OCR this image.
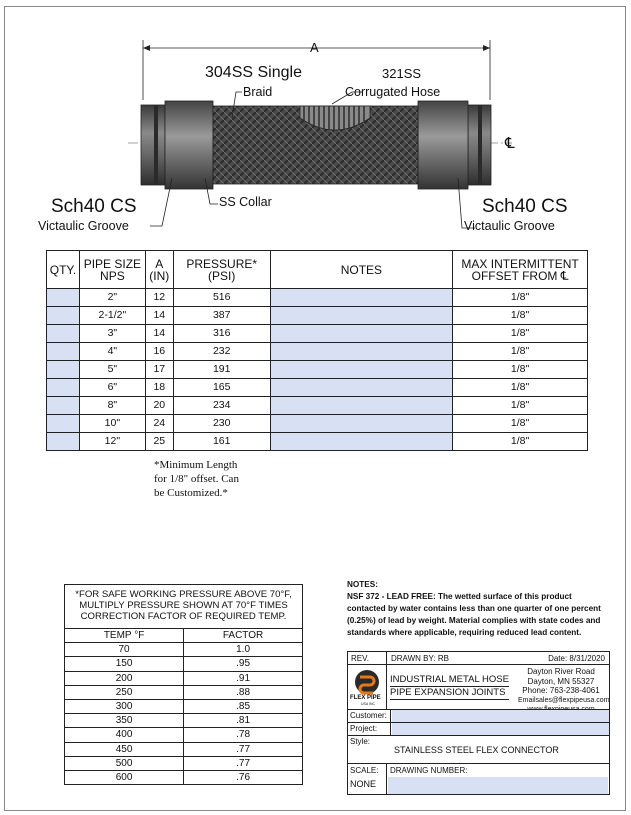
A
304SS Single
Braid
321SS
Corrugated Hose
℄
Sch40 CS
Victaulic Groove
SS Collar	Sch40 CS
Victaulic Groove
QTY.	PIPE SIZE NPS	A (IN)	PRESSURE* (PSI)	NOTES	MAX INTERMITTENT OFFSET FROM ℄
	2"	12	516		1/8"
	2-1/2"	14	387		1/8"
	3"	14	316		1/8"
	4"	16	232		1/8"
	5"	17	191		1/8"
	6"	18	165		1/8"
	8"	20	234		1/8"
	10"	24	230		1/8"
	12"	25	161		1/8"
*Minimum Length
for 1/8" offset. Can
be Customized.*
*FOR SAFE WORKING PRESSURE ABOVE 70°F,
MULTIPLY PRESSURE SHOWN AT 70°F TIMES
CORRECTION FACTOR OF REQUIRED TEMP.
TEMP °F	FACTOR
70	1.0
150	.95
200	.91
250	.88
300	.85
350	.81
400	.78
450	.77
500	.77
600	.76
NOTES:
NSF 372 - LEAD FREE: The wetted surface of this product contacted by water contains less than one quarter of one percent (0.25%) of lead by weight. Material complies with state codes and standards where applicable, requiring reduced lead content.
REV.	DRAWN BY: RB	Date: 8/31/2020
FLEX PIPE
USA INC
INDUSTRIAL METAL HOSE
PIPE EXPANSION JOINTS
Dayton River Road
Dayton, MN 55327
Phone: 763-238-4061
Emailsales@flexpipeusa.com
Customer:
Project:
Style:
STAINLESS STEEL FLEX CONNECTOR
SCALE:
NONE
DRAWING NUMBER:
